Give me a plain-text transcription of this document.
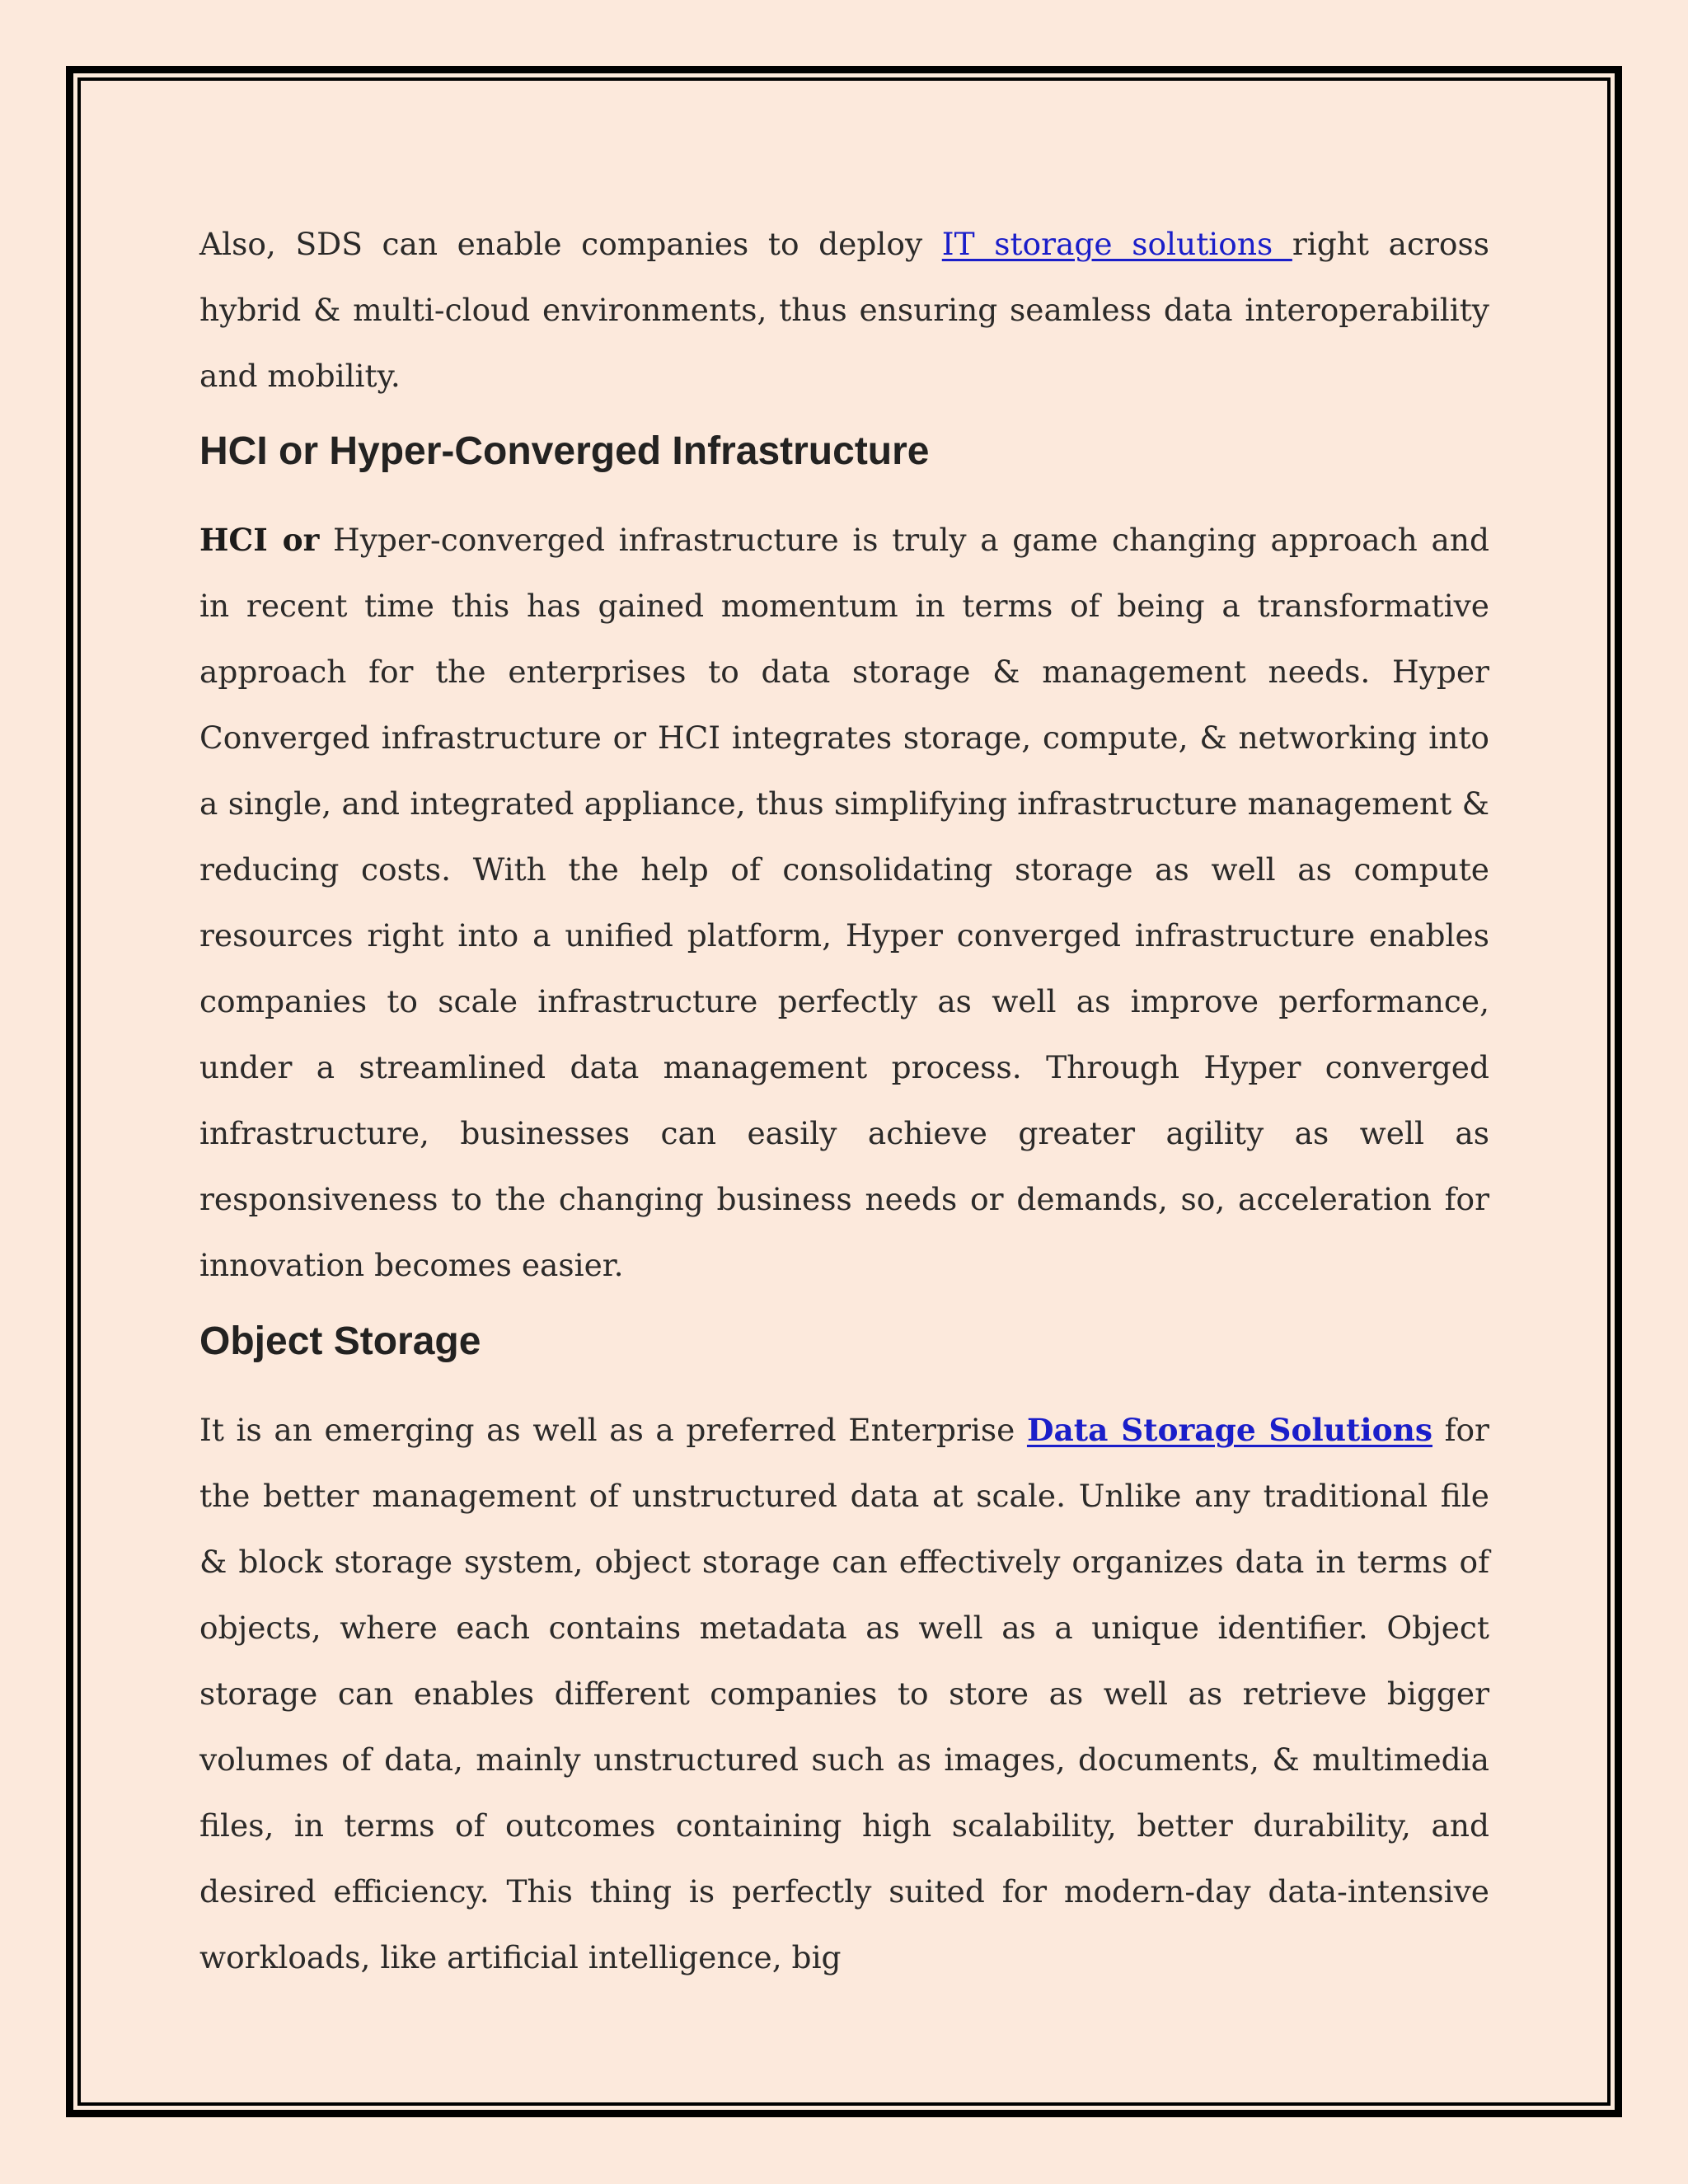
Also, SDS can enable companies to deploy IT storage solutions right across hybrid & multi-cloud environments, thus ensuring seamless data interoperability and mobility.

HCI or Hyper-Converged Infrastructure

HCI or Hyper-converged infrastructure is truly a game changing approach and in recent time this has gained momentum in terms of being a transformative approach for the enterprises to data storage & management needs. Hyper Converged infrastructure or HCI integrates storage, compute, & networking into a single, and integrated appliance, thus simplifying infrastructure management & reducing costs. With the help of consolidating storage as well as compute resources right into a unified platform, Hyper converged infrastructure enables companies to scale infrastructure perfectly as well as improve performance, under a streamlined data management process. Through Hyper converged infrastructure, businesses can easily achieve greater agility as well as responsiveness to the changing business needs or demands, so, acceleration for innovation becomes easier.

Object Storage

It is an emerging as well as a preferred Enterprise Data Storage Solutions for the better management of unstructured data at scale. Unlike any traditional file & block storage system, object storage can effectively organizes data in terms of objects, where each contains metadata as well as a unique identifier. Object storage can enables different companies to store as well as retrieve bigger volumes of data, mainly unstructured such as images, documents, & multimedia files, in terms of outcomes containing high scalability, better durability, and desired efficiency. This thing is perfectly suited for modern-day data-intensive workloads, like artificial intelligence, big
